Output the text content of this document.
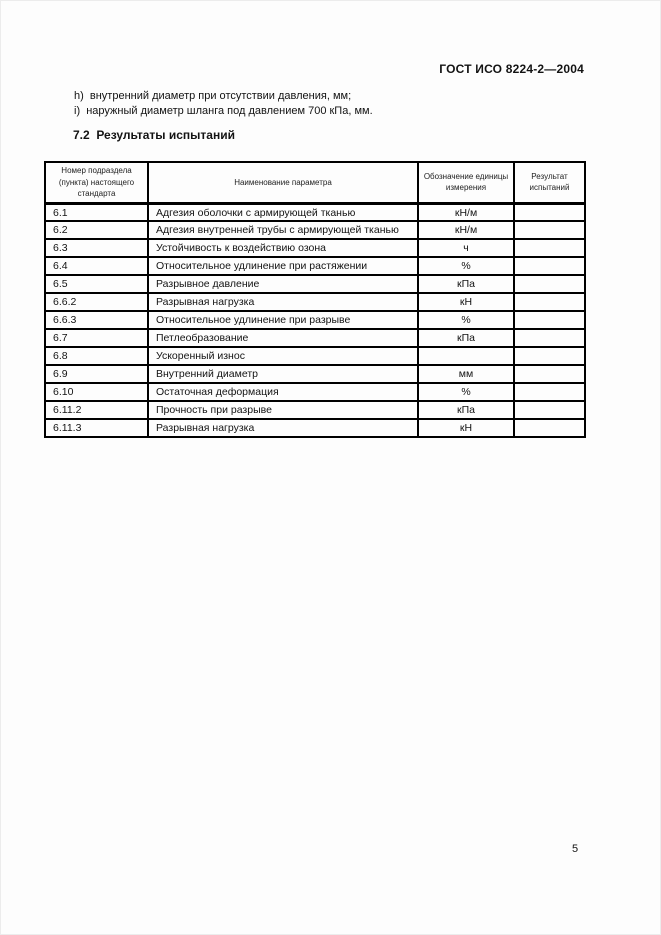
ГОСТ ИСО 8224-2—2004
h)  внутренний диаметр при отсутствии давления, мм;
i)  наружный диаметр шланга под давлением 700 кПа, мм.
7.2  Результаты испытаний
Номер подраздела (пункта) настоящего стандарта	Наименование параметра	Обозначение единицы измерения	Результат испытаний
6.1	Адгезия оболочки с армирующей тканью	кН/м	
6.2	Адгезия внутренней трубы с армирующей тканью	кН/м	
6.3	Устойчивость к воздействию озона	ч	
6.4	Относительное удлинение при растяжении	%	
6.5	Разрывное давление	кПа	
6.6.2	Разрывная нагрузка	кН	
6.6.3	Относительное удлинение при разрыве	%	
6.7	Петлеобразование	кПа	
6.8	Ускоренный износ		
6.9	Внутренний диаметр	мм	
6.10	Остаточная деформация	%	
6.11.2	Прочность при разрыве	кПа	
6.11.3	Разрывная нагрузка	кН	
5
